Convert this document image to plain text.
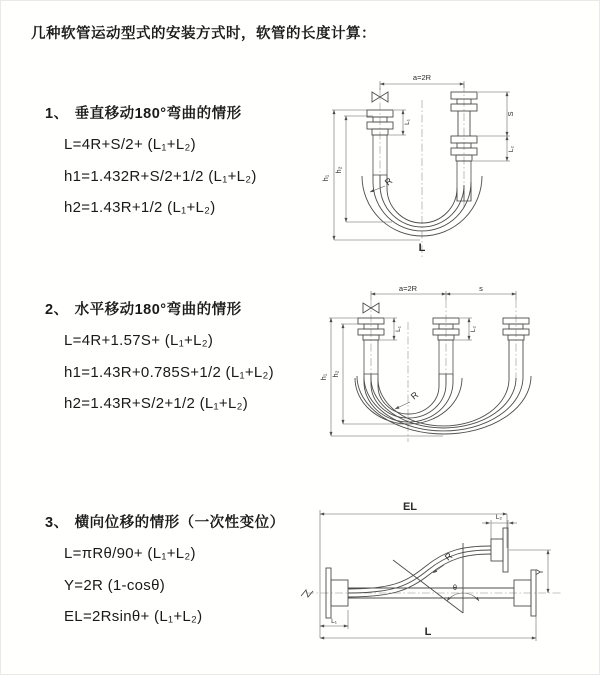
几种软管运动型式的安装方式时，软管的长度计算：
1、 垂直移动180°弯曲的情形
L=4R+S/2+ (L₁+L₂)
h1=1.432R+S/2+1/2 (L₁+L₂)
h2=1.43R+1/2 (L₁+L₂)
2、 水平移动180°弯曲的情形
L=4R+1.57S+ (L₁+L₂)
h1=1.43R+0.785S+1/2 (L₁+L₂)
h2=1.43R+S/2+1/2 (L₁+L₂)
3、 横向位移的情形（一次性变位）
L=πRθ/90+ (L₁+L₂)
Y=2R (1-cosθ)
EL=2Rsinθ+ (L₁+L₂)
a=2R
h₁
h₂
L₁
S
L₂
R
L
a=2R	s
h₁ h₂
L₁	L₂
R
EL
L
Y
L₂
L₁
R
θ
